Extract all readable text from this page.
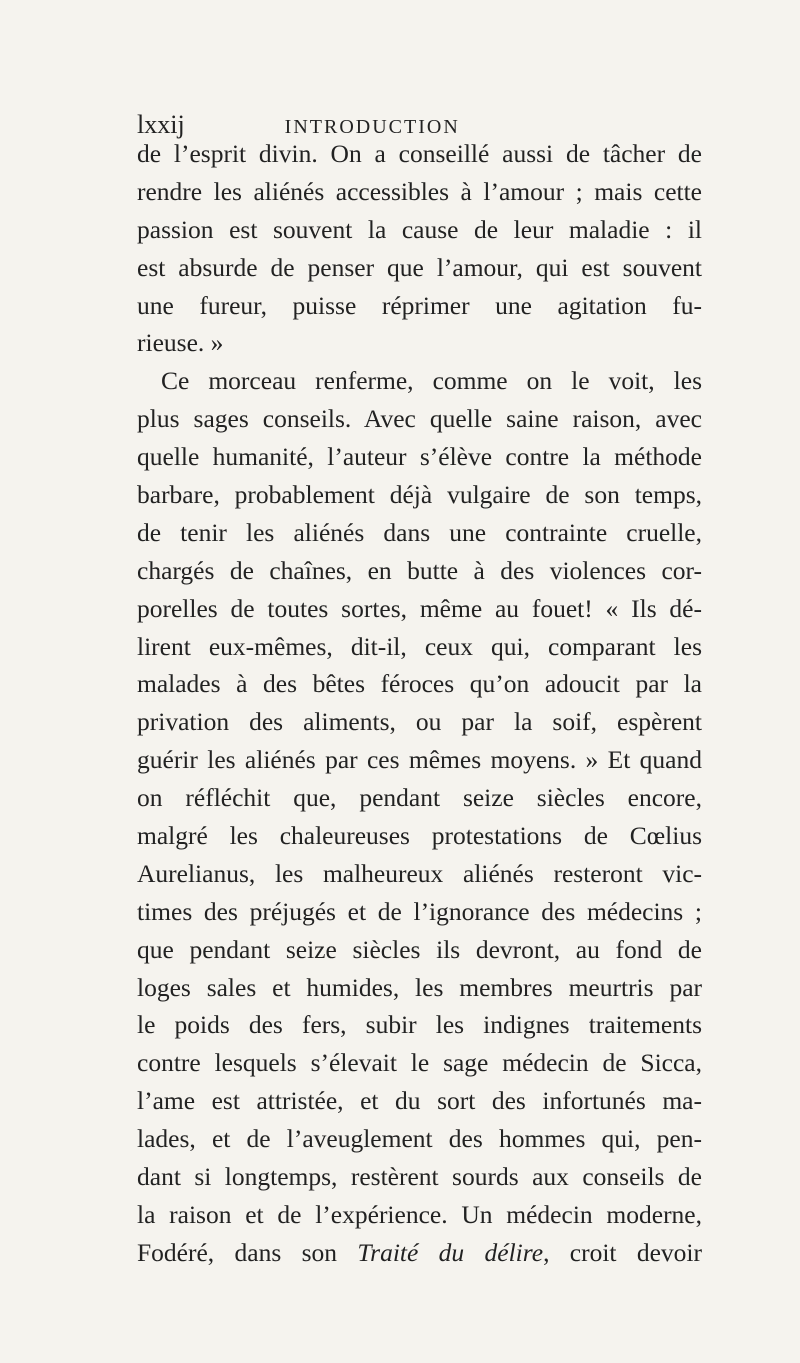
lxxij	INTRODUCTION
de l’esprit divin. On a conseillé aussi de tâcher de
rendre les aliénés accessibles à l’amour ; mais cette
passion est souvent la cause de leur maladie : il
est absurde de penser que l’amour, qui est souvent
une fureur, puisse réprimer une agitation fu-
rieuse. »
Ce morceau renferme, comme on le voit, les
plus sages conseils. Avec quelle saine raison, avec
quelle humanité, l’auteur s’élève contre la méthode
barbare, probablement déjà vulgaire de son temps,
de tenir les aliénés dans une contrainte cruelle,
chargés de chaînes, en butte à des violences cor-
porelles de toutes sortes, même au fouet! « Ils dé-
lirent eux-mêmes, dit-il, ceux qui, comparant les
malades à des bêtes féroces qu’on adoucit par la
privation des aliments, ou par la soif, espèrent
guérir les aliénés par ces mêmes moyens. » Et quand
on réfléchit que, pendant seize siècles encore,
malgré les chaleureuses protestations de Cœlius
Aurelianus, les malheureux aliénés resteront vic-
times des préjugés et de l’ignorance des médecins ;
que pendant seize siècles ils devront, au fond de
loges sales et humides, les membres meurtris par
le poids des fers, subir les indignes traitements
contre lesquels s’élevait le sage médecin de Sicca,
l’ame est attristée, et du sort des infortunés ma-
lades, et de l’aveuglement des hommes qui, pen-
dant si longtemps, restèrent sourds aux conseils de
la raison et de l’expérience. Un médecin moderne,
Fodéré, dans son Traité du délire, croit devoir
